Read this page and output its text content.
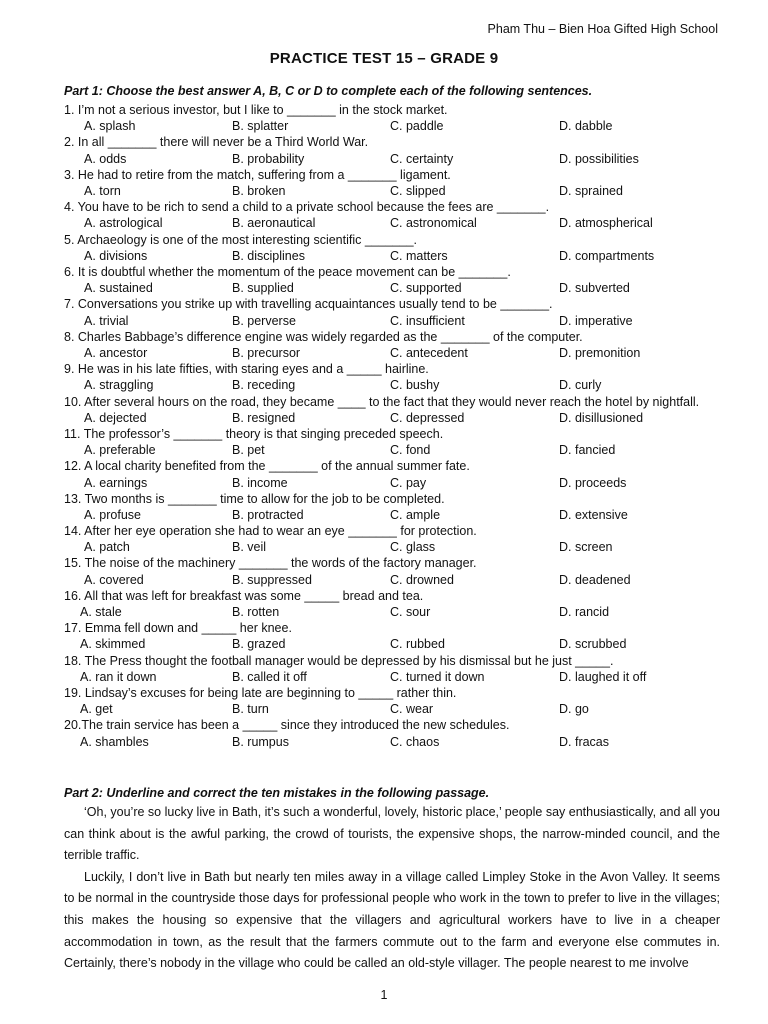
Pham Thu – Bien Hoa Gifted High School
PRACTICE TEST 15 – GRADE 9
Part 1: Choose the best answer A, B, C or D to complete each of the following sentences.
1. I’m not a serious investor, but I like to _______ in the stock market.
A. splash	B. splatter	C. paddle	D. dabble
2. In all _______ there will never be a Third World War.
A. odds	B. probability	C. certainty	D. possibilities
3. He had to retire from the match, suffering from a _______ ligament.
A. torn	B. broken	C. slipped	D. sprained
4. You have to be rich to send a child to a private school because the fees are _______.
A. astrological	B. aeronautical	C. astronomical	D. atmospherical
5. Archaeology is one of the most interesting scientific _______.
A. divisions	B. disciplines	C. matters	D. compartments
6. It is doubtful whether the momentum of the peace movement can be _______.
A. sustained	B. supplied	C. supported	D. subverted
7. Conversations you strike up with travelling acquaintances usually tend to be _______.
A. trivial	B. perverse	C. insufficient	D. imperative
8. Charles Babbage’s difference engine was widely regarded as the _______ of the computer.
A. ancestor	B. precursor	C. antecedent	D. premonition
9. He was in his late fifties, with staring eyes and a _____ hairline.
A. straggling	B. receding	C. bushy	D. curly
10. After several hours on the road, they became ____ to the fact that they would never reach the hotel by nightfall.
A. dejected	B. resigned	C. depressed	D. disillusioned
11. The professor’s _______ theory is that singing preceded speech.
A. preferable	B. pet	C. fond	D. fancied
12. A local charity benefited from the _______ of the annual summer fate.
A. earnings	B. income	C. pay	D. proceeds
13. Two months is _______ time to allow for the job to be completed.
A. profuse	B. protracted	C. ample	D. extensive
14. After her eye operation she had to wear an eye _______ for protection.
A. patch	B. veil	C. glass	D. screen
15. The noise of the machinery _______ the words of the factory manager.
A. covered	B. suppressed	C. drowned	D. deadened
16. All that was left for breakfast was some _____ bread and tea.
A. stale	B. rotten	C. sour	D. rancid
17. Emma fell down and _____ her knee.
A. skimmed	B. grazed	C. rubbed	D. scrubbed
18. The Press thought the football manager would be depressed by his dismissal but he just _____.
A. ran it down	B. called it off	C. turned it down	D. laughed it off
19. Lindsay’s excuses for being late are beginning to _____ rather thin.
A. get	B. turn	C. wear	D. go
20.The train service has been a _____ since they introduced the new schedules.
A. shambles	B. rumpus	C. chaos	D. fracas
Part 2: Underline and correct the ten mistakes in the following passage.

‘Oh, you’re so lucky live in Bath, it’s such a wonderful, lovely, historic place,’ people say enthusiastically, and all you can think about is the awful parking, the crowd of tourists, the expensive shops, the narrow-minded council, and the terrible traffic.

Luckily, I don’t live in Bath but nearly ten miles away in a village called Limpley Stoke in the Avon Valley. It seems to be normal in the countryside those days for professional people who work in the town to prefer to live in the villages; this makes the housing so expensive that the villagers and agricultural workers have to live in a cheaper accommodation in town, as the result that the farmers commute out to the farm and everyone else commutes in. Certainly, there’s nobody in the village who could be called an old-style villager. The people nearest to me involve

1
